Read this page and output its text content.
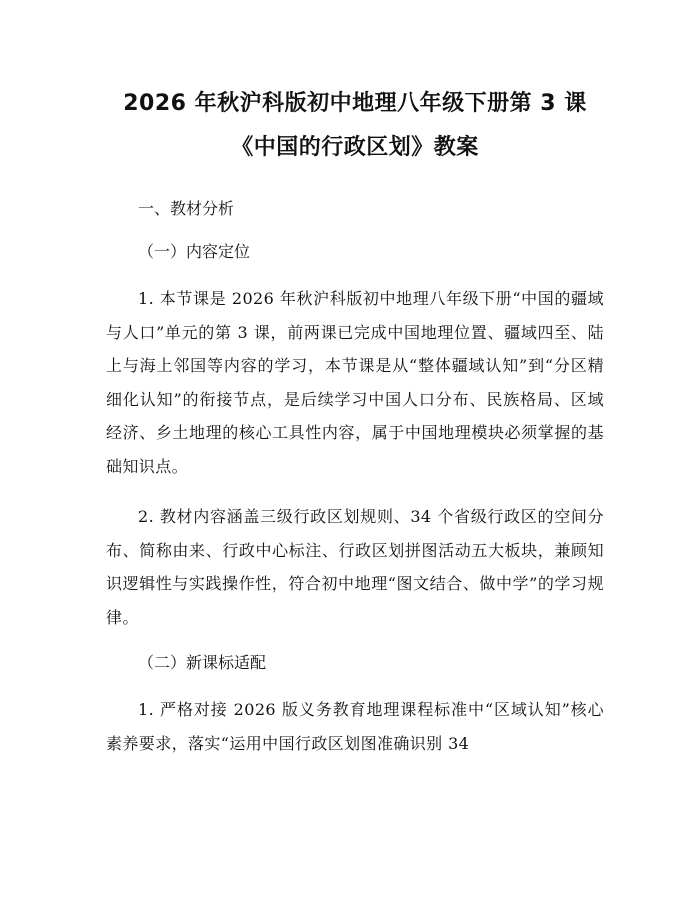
2026 年秋沪科版初中地理八年级下册第 3 课
《中国的行政区划》教案

一、教材分析

（一）内容定位

1. 本节课是 2026 年秋沪科版初中地理八年级下册“中国的疆域与人口”单元的第 3 课，前两课已完成中国地理位置、疆域四至、陆上与海上邻国等内容的学习，本节课是从“整体疆域认知”到“分区精细化认知”的衔接节点，是后续学习中国人口分布、民族格局、区域经济、乡土地理的核心工具性内容，属于中国地理模块必须掌握的基础知识点。

2. 教材内容涵盖三级行政区划规则、34 个省级行政区的空间分布、简称由来、行政中心标注、行政区划拼图活动五大板块，兼顾知识逻辑性与实践操作性，符合初中地理“图文结合、做中学”的学习规律。

（二）新课标适配

1. 严格对接 2026 版义务教育地理课程标准中“区域认知”核心素养要求，落实“运用中国行政区划图准确识别 34
